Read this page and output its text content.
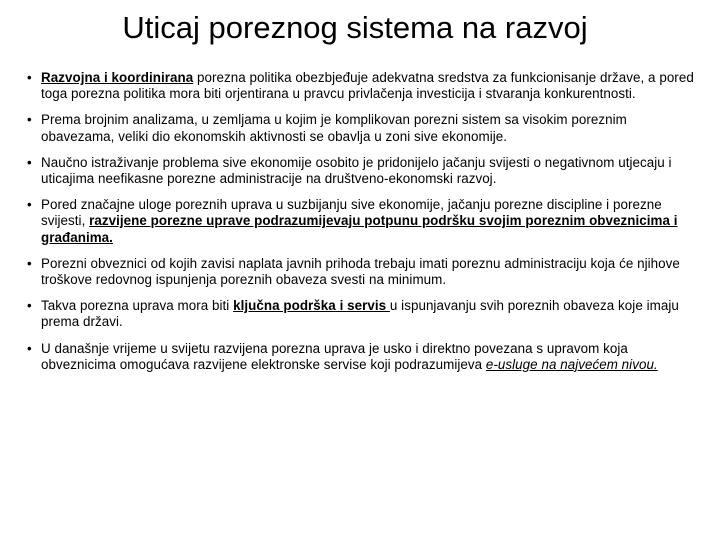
Uticaj poreznog sistema na razvoj
• Razvojna i koordinirana porezna politika obezbjeđuje adekvatna sredstva za funkcionisanje države, a pored toga porezna politika mora biti orjentirana u pravcu privlačenja investicija i stvaranja konkurentnosti.
• Prema brojnim analizama, u zemljama u kojim je komplikovan porezni sistem sa visokim poreznim obavezama, veliki dio ekonomskih aktivnosti se obavlja u zoni sive ekonomije.
• Naučno istraživanje problema sive ekonomije osobito je pridonijelo jačanju svijesti o negativnom utjecaju i uticajima neefikasne porezne administracije na društveno-ekonomski razvoj.
• Pored značajne uloge poreznih uprava u suzbijanju sive ekonomije, jačanju porezne discipline i porezne svijesti, razvijene porezne uprave podrazumijevaju potpunu podršku svojim poreznim obveznicima i građanima.
• Porezni obveznici od kojih zavisi naplata javnih prihoda trebaju imati poreznu administraciju koja će njihove troškove redovnog ispunjenja poreznih obaveza svesti na minimum.
• Takva porezna uprava mora biti ključna podrška i servis u ispunjavanju svih poreznih obaveza koje imaju prema državi.
• U današnje vrijeme u svijetu razvijena porezna uprava je usko i direktno povezana s upravom koja obveznicima omogućava razvijene elektronske servise koji podrazumijeva e-usluge na najvećem nivou.
